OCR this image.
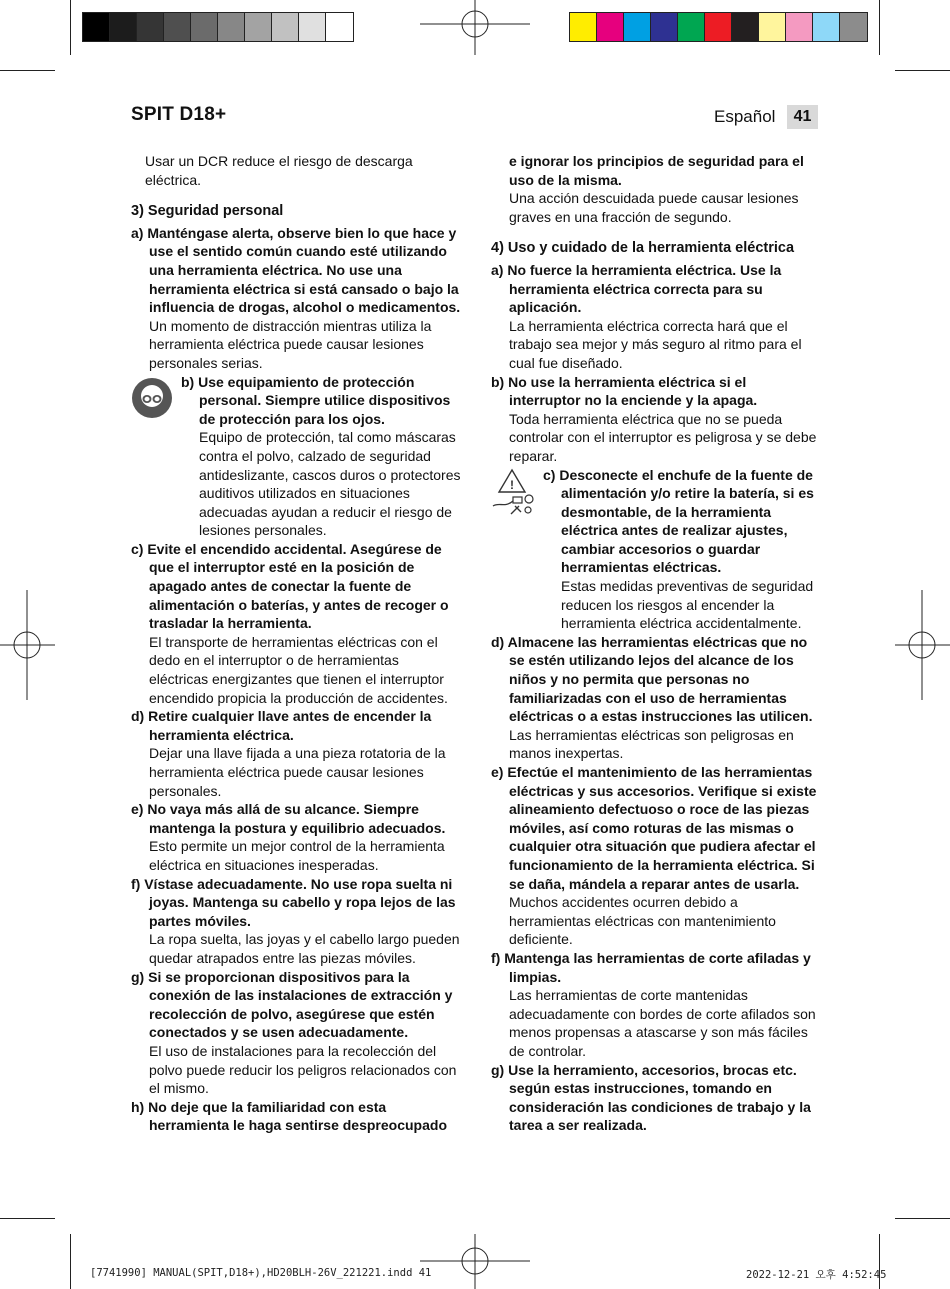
SPIT D18+	Español	41

Usar un DCR reduce el riesgo de descarga eléctrica.

3) Seguridad personal

a) Manténgase alerta, observe bien lo que hace y use el sentido común cuando esté utilizando una herramienta eléctrica. No use una herramienta eléctrica si está cansado o bajo la influencia de drogas, alcohol o medicamentos.

Un momento de distracción mientras utiliza la herramienta eléctrica puede causar lesiones personales serias.

b) Use equipamiento de protección personal. Siempre utilice dispositivos de protección para los ojos.

Equipo de protección, tal como máscaras contra el polvo, calzado de seguridad antideslizante, cascos duros o protectores auditivos utilizados en situaciones adecuadas ayudan a reducir el riesgo de lesiones personales.

c) Evite el encendido accidental. Asegúrese de que el interruptor esté en la posición de apagado antes de conectar la fuente de alimentación o baterías, y antes de recoger o trasladar la herramienta.

El transporte de herramientas eléctricas con el dedo en el interruptor o de herramientas eléctricas energizantes que tienen el interruptor encendido propicia la producción de accidentes.

d) Retire cualquier llave antes de encender la herramienta eléctrica.

Dejar una llave fijada a una pieza rotatoria de la herramienta eléctrica puede causar lesiones personales.

e) No vaya más allá de su alcance. Siempre mantenga la postura y equilibrio adecuados.

Esto permite un mejor control de la herramienta eléctrica en situaciones inesperadas.

f) Vístase adecuadamente. No use ropa suelta ni joyas. Mantenga su cabello y ropa lejos de las partes móviles.

La ropa suelta, las joyas y el cabello largo pueden quedar atrapados entre las piezas móviles.

g) Si se proporcionan dispositivos para la conexión de las instalaciones de extracción y recolección de polvo, asegúrese que estén conectados y se usen adecuadamente.

El uso de instalaciones para la recolección del polvo puede reducir los peligros relacionados con el mismo.

h) No deje que la familiaridad con esta herramienta le haga sentirse despreocupado

e ignorar los principios de seguridad para el uso de la misma.

Una acción descuidada puede causar lesiones graves en una fracción de segundo.

4) Uso y cuidado de la herramienta eléctrica

a) No fuerce la herramienta eléctrica. Use la herramienta eléctrica correcta para su aplicación.

La herramienta eléctrica correcta hará que el trabajo sea mejor y más seguro al ritmo para el cual fue diseñado.

b) No use la herramienta eléctrica si el interruptor no la enciende y la apaga.

Toda herramienta eléctrica que no se pueda controlar con el interruptor es peligrosa y se debe reparar.

!

c) Desconecte el enchufe de la fuente de alimentación y/o retire la batería, si es desmontable, de la herramienta eléctrica antes de realizar ajustes, cambiar accesorios o guardar herramientas eléctricas.

Estas medidas preventivas de seguridad reducen los riesgos al encender la herramienta eléctrica accidentalmente.

d) Almacene las herramientas eléctricas que no se estén utilizando lejos del alcance de los niños y no permita que personas no familiarizadas con el uso de herramientas eléctricas o a estas instrucciones las utilicen.

Las herramientas eléctricas son peligrosas en manos inexpertas.

e) Efectúe el mantenimiento de las herramientas eléctricas y sus accesorios. Verifique si existe alineamiento defectuoso o roce de las piezas móviles, así como roturas de las mismas o cualquier otra situación que pudiera afectar el funcionamiento de la herramienta eléctrica. Si se daña, mándela a reparar antes de usarla.

Muchos accidentes ocurren debido a herramientas eléctricas con mantenimiento deficiente.

f) Mantenga las herramientas de corte afiladas y limpias.

Las herramientas de corte mantenidas adecuadamente con bordes de corte afilados son menos propensas a atascarse y son más fáciles de controlar.

g) Use la herramiento, accesorios, brocas etc. según estas instrucciones, tomando en consideración las condiciones de trabajo y la tarea a ser realizada.

[7741990] MANUAL(SPIT,D18+),HD20BLH-26V_221221.indd 41	2022-12-21 오후 4:52:45
